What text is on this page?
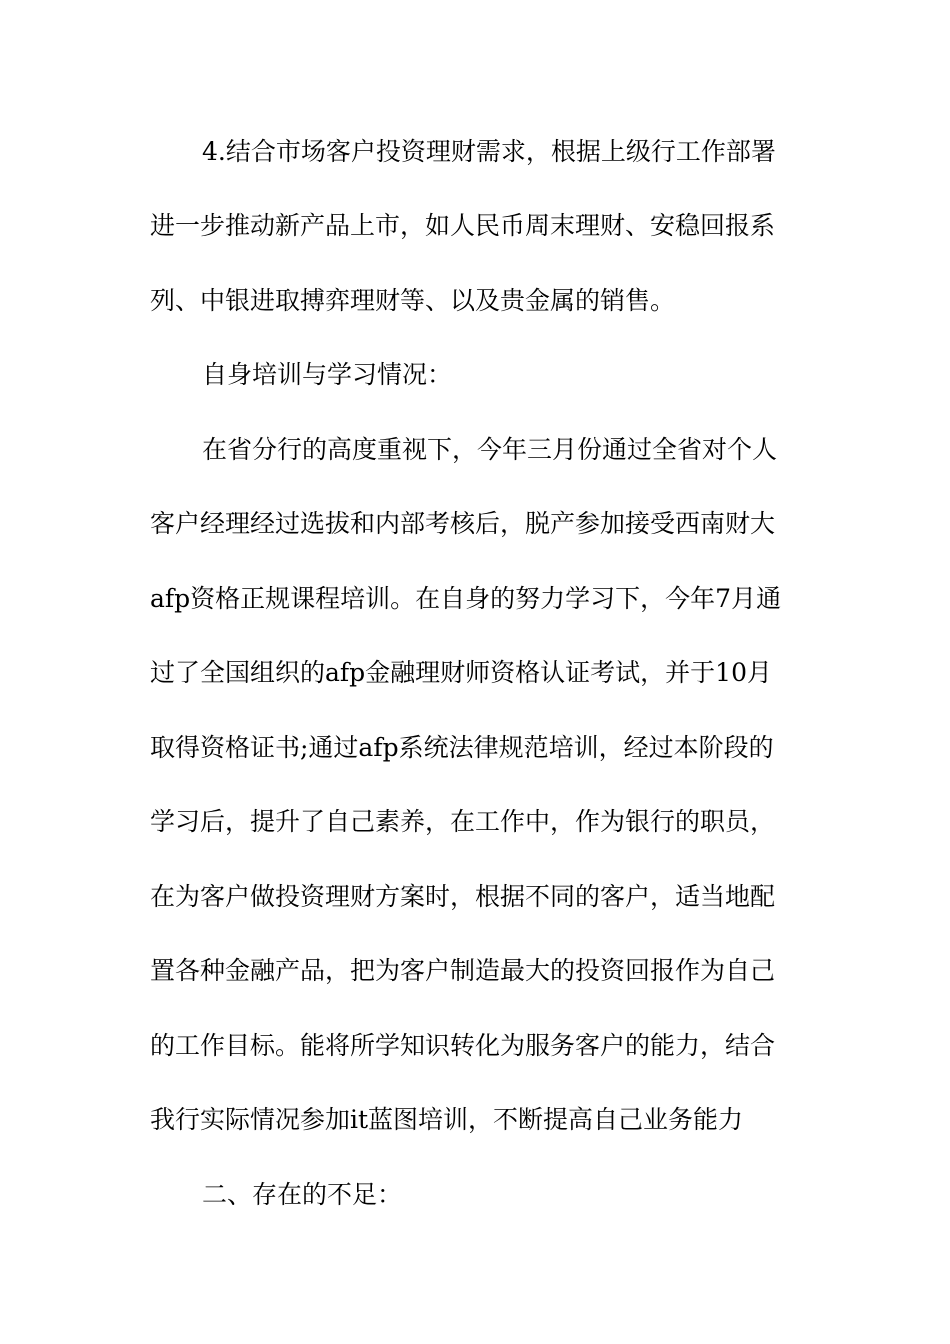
4.结合市场客户投资理财需求，根据上级行工作部署
进一步推动新产品上市，如人民币周末理财、安稳回报系
列、中银进取搏弈理财等、以及贵金属的销售。
自身培训与学习情况：
在省分行的高度重视下，今年三月份通过全省对个人
客户经理经过选拔和内部考核后，脱产参加接受西南财大
afp资格正规课程培训。在自身的努力学习下，今年7月通
过了全国组织的afp金融理财师资格认证考试，并于10月
取得资格证书;通过afp系统法律规范培训，经过本阶段的
学习后，提升了自己素养，在工作中，作为银行的职员，
在为客户做投资理财方案时，根据不同的客户，适当地配
置各种金融产品，把为客户制造最大的投资回报作为自己
的工作目标。能将所学知识转化为服务客户的能力，结合
我行实际情况参加it蓝图培训，不断提高自己业务能力
二、存在的不足：
